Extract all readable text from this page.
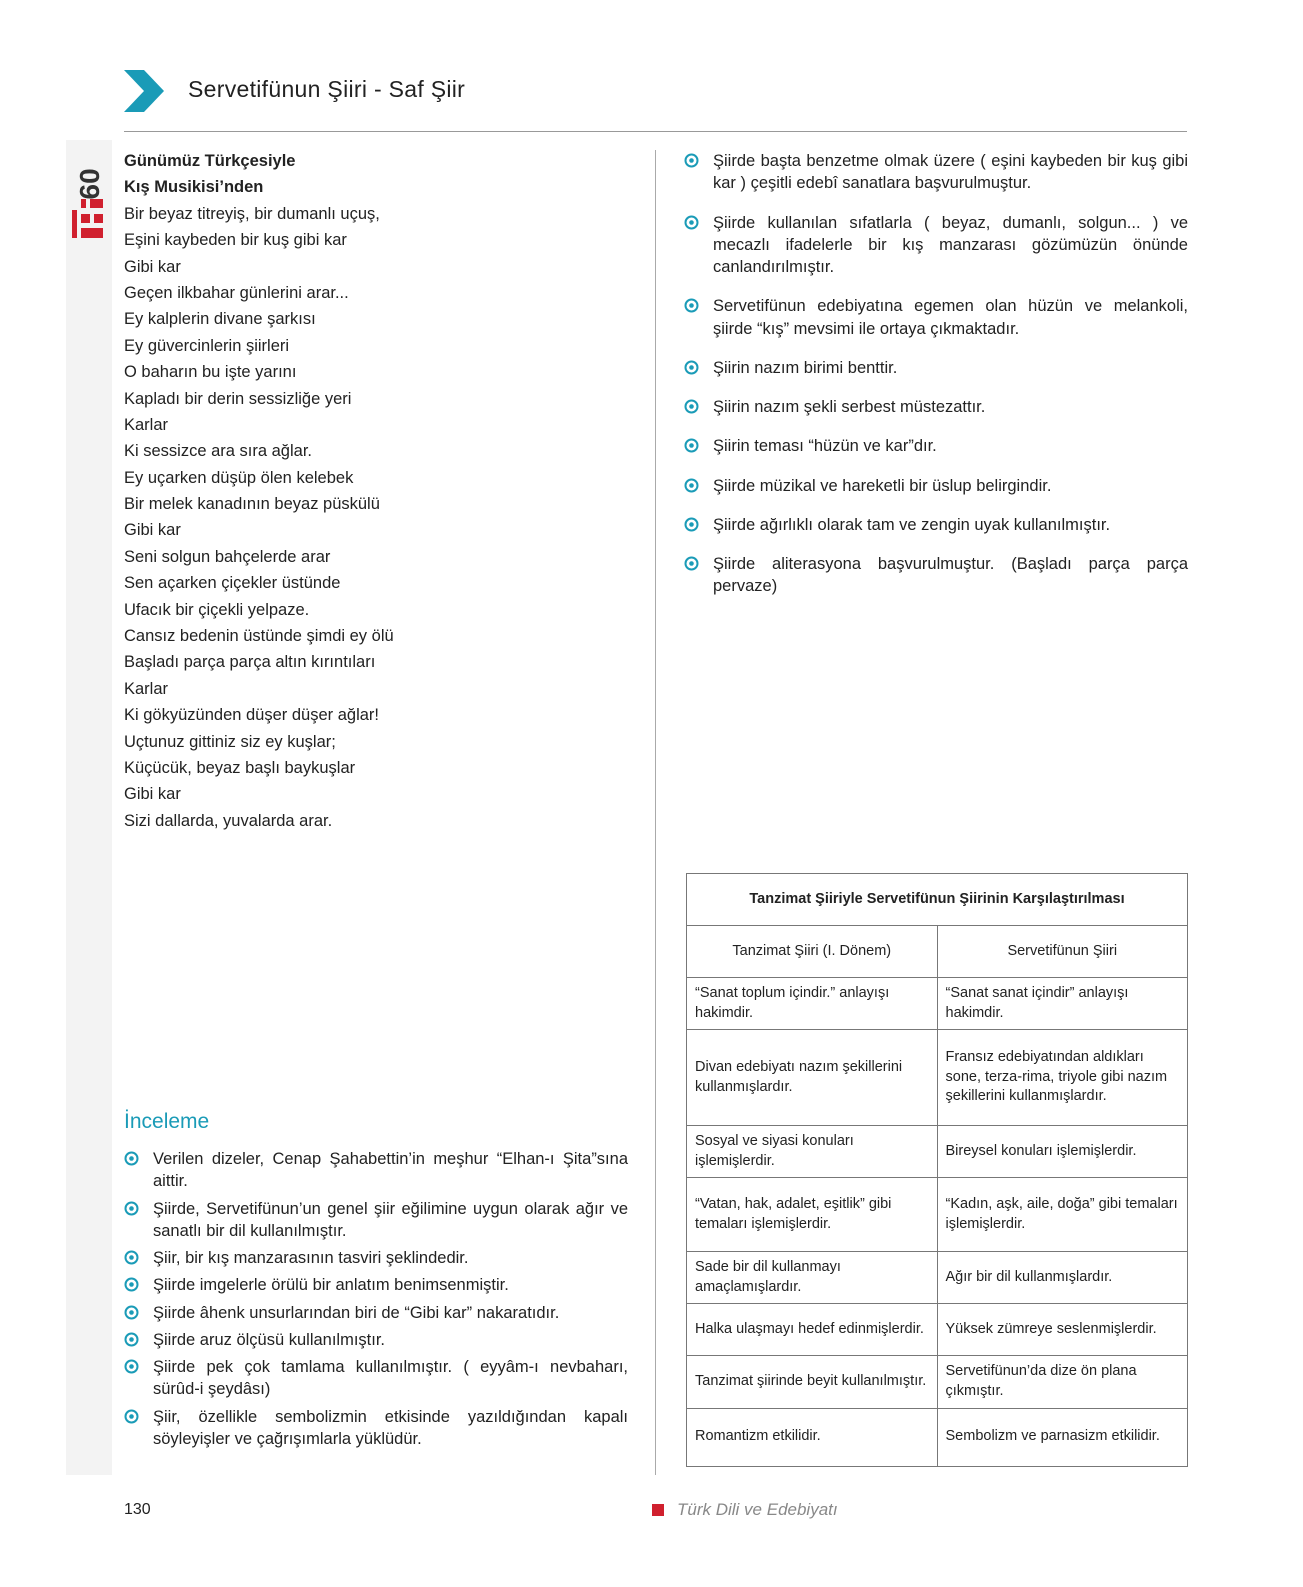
09
Servetifünun Şiiri - Saf Şiir
Günümüz Türkçesiyle
Kış Musikisi’nden
Bir beyaz titreyiş, bir dumanlı uçuş,
Eşini kaybeden bir kuş gibi kar
Gibi kar
Geçen ilkbahar günlerini arar...
Ey kalplerin divane şarkısı
Ey güvercinlerin şiirleri
O baharın bu işte yarını
Kapladı bir derin sessizliğe yeri
Karlar
Ki sessizce ara sıra ağlar.
Ey uçarken düşüp ölen kelebek
Bir melek kanadının beyaz püskülü
Gibi kar
Seni solgun bahçelerde arar
Sen açarken çiçekler üstünde
Ufacık bir çiçekli yelpaze.
Cansız bedenin üstünde şimdi ey ölü
Başladı parça parça altın kırıntıları
Karlar
Ki gökyüzünden düşer düşer ağlar!
Uçtunuz gittiniz siz ey kuşlar;
Küçücük, beyaz başlı baykuşlar
Gibi kar
Sizi dallarda, yuvalarda arar.
Şiirde başta benzetme olmak üzere ( eşini kaybeden bir kuş gibi kar ) çeşitli edebî sanatlara başvurulmuştur.
Şiirde kullanılan sıfatlarla ( beyaz, dumanlı, solgun... ) ve mecazlı ifadelerle bir kış manzarası gözümüzün önünde canlandırılmıştır.
Servetifünun edebiyatına egemen olan hüzün ve melankoli, şiirde “kış” mevsimi ile ortaya çıkmaktadır.
Şiirin nazım birimi benttir.
Şiirin nazım şekli serbest müstezattır.
Şiirin teması “hüzün ve kar”dır.
Şiirde müzikal ve hareketli bir üslup belirgindir.
Şiirde ağırlıklı olarak tam ve zengin uyak kullanılmıştır.
Şiirde aliterasyona başvurulmuştur. (Başladı parça parça pervaze)
İnceleme
Verilen dizeler, Cenap Şahabettin’in meşhur “Elhan-ı Şita”sına aittir.
Şiirde, Servetifünun’un genel şiir eğilimine uygun olarak ağır ve sanatlı bir dil kullanılmıştır.
Şiir, bir kış manzarasının tasviri şeklindedir.
Şiirde imgelerle örülü bir anlatım benimsenmiştir.
Şiirde âhenk unsurlarından biri de “Gibi kar” nakaratıdır.
Şiirde aruz ölçüsü kullanılmıştır.
Şiirde pek çok tamlama kullanılmıştır. ( eyyâm-ı nevbaharı, sürûd-i şeydâsı)
Şiir, özellikle sembolizmin etkisinde yazıldığından kapalı söyleyişler ve çağrışımlarla yüklüdür.
Tanzimat Şiiriyle Servetifünun Şiirinin Karşılaştırılması	
Tanzimat Şiiri (I. Dönem)	Servetifünun Şiiri
“Sanat toplum içindir.” anlayışı hakimdir.	“Sanat sanat içindir” anlayışı hakimdir.
Divan edebiyatı nazım şekillerini kullanmışlardır.	Fransız edebiyatından aldıkları sone, terza-rima, triyole gibi nazım şekillerini kullanmışlardır.
Sosyal ve siyasi konuları işlemişlerdir.	Bireysel konuları işlemişlerdir.
“Vatan, hak, adalet, eşitlik” gibi temaları işlemişlerdir.	“Kadın, aşk, aile, doğa” gibi temaları işlemişlerdir.
Sade bir dil kullanmayı amaçlamışlardır.	Ağır bir dil kullanmışlardır.
Halka ulaşmayı hedef edinmişlerdir.	Yüksek zümreye seslenmişlerdir.
Tanzimat şiirinde beyit kullanılmıştır.	Servetifünun’da dize ön plana çıkmıştır.
Romantizm etkilidir.	Sembolizm ve parnasizm etkilidir.
130	Türk Dili ve Edebiyatı
